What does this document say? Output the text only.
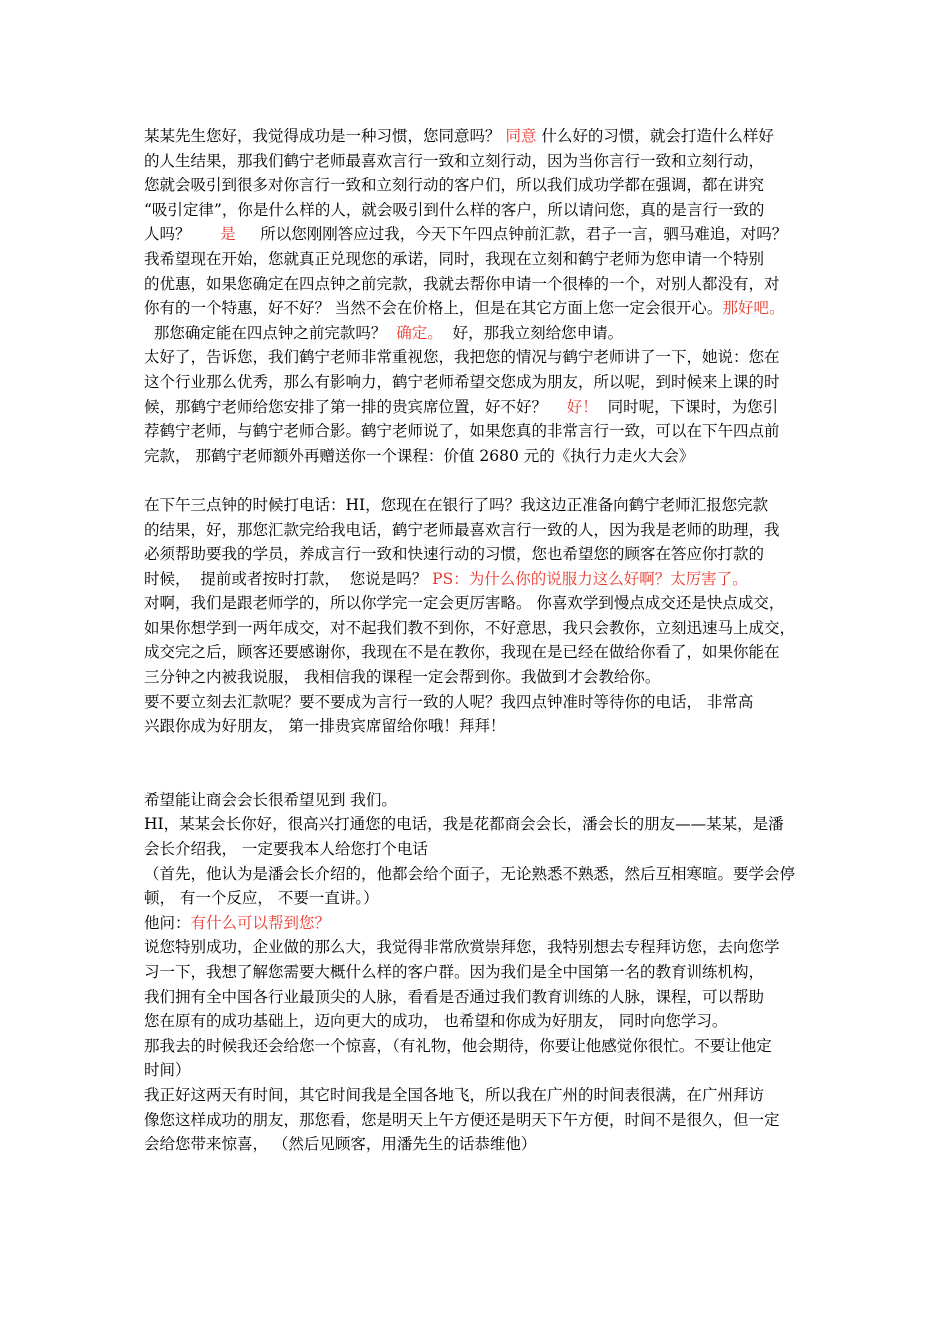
某某先生您好，我觉得成功是一种习惯，您同意吗？ 同意 什么好的习惯，就会打造什么样好
的人生结果，那我们鹤宁老师最喜欢言行一致和立刻行动，因为当你言行一致和立刻行动，
您就会吸引到很多对你言行一致和立刻行动的客户们，所以我们成功学都在强调，都在讲究
“吸引定律”，你是什么样的人，就会吸引到什么样的客户，所以请问您，真的是言行一致的
人吗？      是     所以您刚刚答应过我，今天下午四点钟前汇款，君子一言，驷马难追，对吗？
我希望现在开始，您就真正兑现您的承诺，同时，我现在立刻和鹤宁老师为您申请一个特别
的优惠，如果您确定在四点钟之前完款，我就去帮你申请一个很棒的一个，对别人都没有，对
你有的一个特惠，好不好？ 当然不会在价格上，但是在其它方面上您一定会很开心。那好吧。
那您确定能在四点钟之前完款吗？  确定。  好，那我立刻给您申请。
太好了，告诉您，我们鹤宁老师非常重视您，我把您的情况与鹤宁老师讲了一下，她说：您在
这个行业那么优秀，那么有影响力，鹤宁老师希望交您成为朋友，所以呢，到时候来上课的时
候，那鹤宁老师给您安排了第一排的贵宾席位置，好不好？    好！  同时呢，下课时，为您引
荐鹤宁老师，与鹤宁老师合影。鹤宁老师说了，如果您真的非常言行一致，可以在下午四点前
完款， 那鹤宁老师额外再赠送你一个课程：价值 2680 元的《执行力走火大会》
在下午三点钟的时候打电话：HI，您现在在银行了吗？我这边正准备向鹤宁老师汇报您完款
的结果，好，那您汇款完给我电话，鹤宁老师最喜欢言行一致的人，因为我是老师的助理，我
必须帮助要我的学员，养成言行一致和快速行动的习惯，您也希望您的顾客在答应你打款的
时候，  提前或者按时打款，  您说是吗？ PS：为什么你的说服力这么好啊？太厉害了。
对啊，我们是跟老师学的，所以你学完一定会更厉害略。 你喜欢学到慢点成交还是快点成交，
如果你想学到一两年成交，对不起我们教不到你，不好意思，我只会教你，立刻迅速马上成交，
成交完之后，顾客还要感谢你，我现在不是在教你，我现在是已经在做给你看了，如果你能在
三分钟之内被我说服， 我相信我的课程一定会帮到你。我做到才会教给你。
要不要立刻去汇款呢？要不要成为言行一致的人呢？我四点钟准时等待你的电话， 非常高
兴跟你成为好朋友， 第一排贵宾席留给你哦！拜拜！
希望能让商会会长很希望见到 我们。
HI，某某会长你好，很高兴打通您的电话，我是花都商会会长，潘会长的朋友——某某，是潘
会长介绍我， 一定要我本人给您打个电话
（首先，他认为是潘会长介绍的，他都会给个面子，无论熟悉不熟悉，然后互相寒暄。要学会停
顿， 有一个反应， 不要一直讲。）
他问：有什么可以帮到您？
说您特别成功，企业做的那么大，我觉得非常欣赏崇拜您，我特别想去专程拜访您，去向您学
习一下，我想了解您需要大概什么样的客户群。因为我们是全中国第一名的教育训练机构，
我们拥有全中国各行业最顶尖的人脉，看看是否通过我们教育训练的人脉，课程，可以帮助
您在原有的成功基础上，迈向更大的成功， 也希望和你成为好朋友， 同时向您学习。
那我去的时候我还会给您一个惊喜，（有礼物，他会期待，你要让他感觉你很忙。不要让他定
时间）
我正好这两天有时间，其它时间我是全国各地飞，所以我在广州的时间表很满，在广州拜访
像您这样成功的朋友，那您看，您是明天上午方便还是明天下午方便，时间不是很久，但一定
会给您带来惊喜， （然后见顾客，用潘先生的话恭维他）
